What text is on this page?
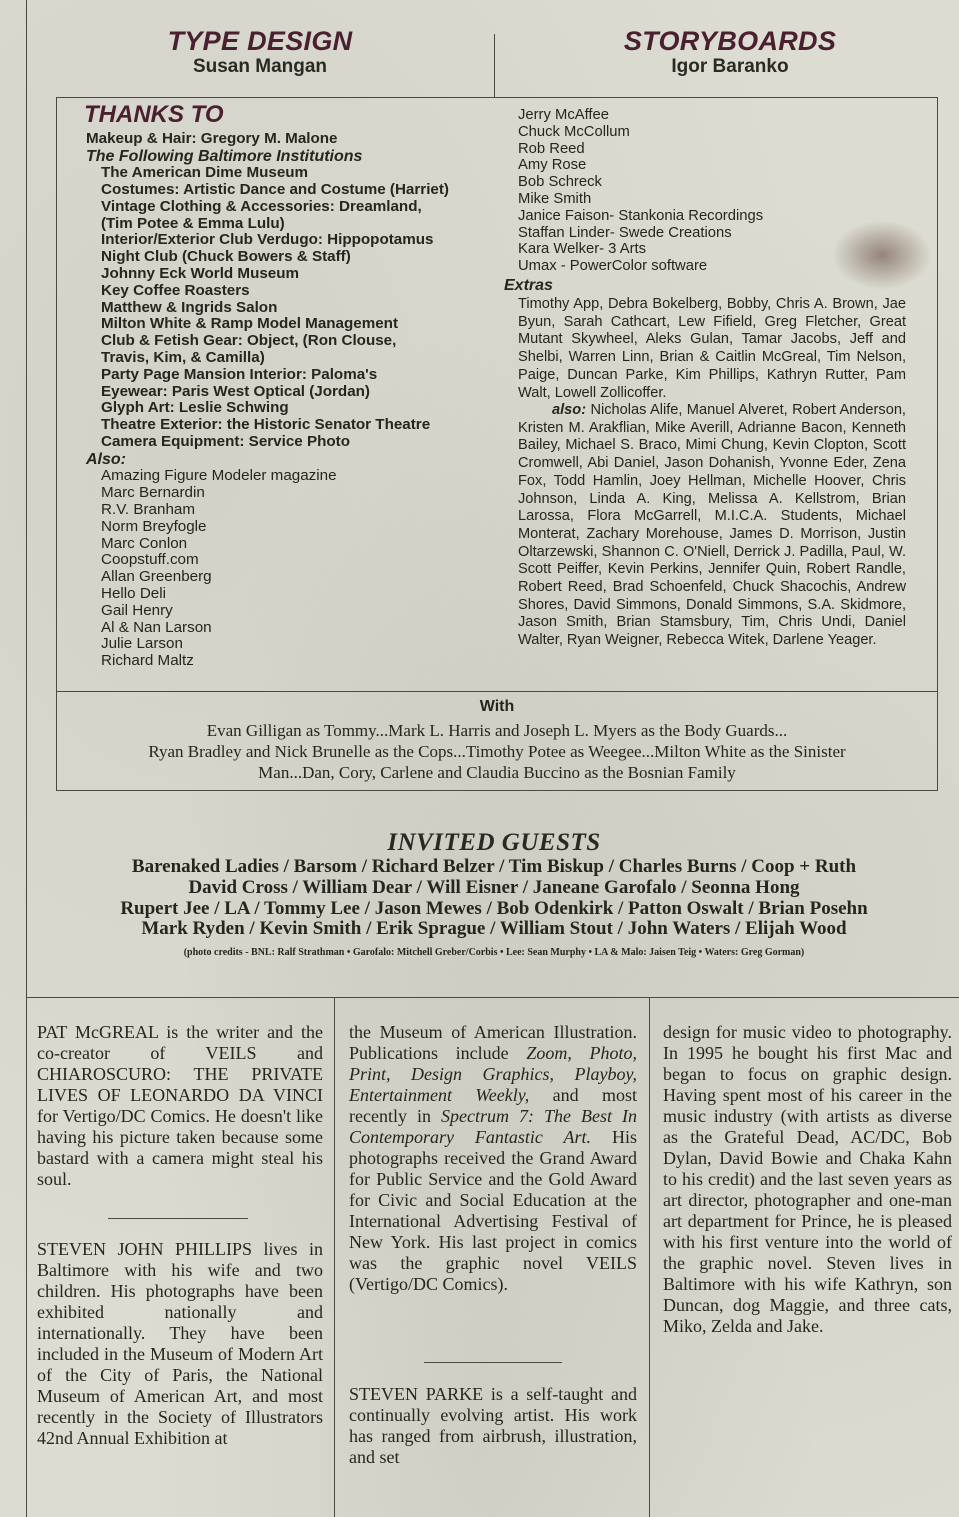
TYPE DESIGN
Susan Mangan
STORYBOARDS
Igor Baranko
THANKS TO
Makeup & Hair: Gregory M. Malone
The Following Baltimore Institutions
The American Dime Museum
Costumes: Artistic Dance and Costume (Harriet)
Vintage Clothing & Accessories: Dreamland,
(Tim Potee & Emma Lulu)
Interior/Exterior Club Verdugo: Hippopotamus
Night Club (Chuck Bowers & Staff)
Johnny Eck World Museum
Key Coffee Roasters
Matthew & Ingrids Salon
Milton White & Ramp Model Management
Club & Fetish Gear: Object, (Ron Clouse,
Travis, Kim, & Camilla)
Party Page Mansion Interior: Paloma's
Eyewear: Paris West Optical (Jordan)
Glyph Art: Leslie Schwing
Theatre Exterior: the Historic Senator Theatre
Camera Equipment: Service Photo
Also:
Amazing Figure Modeler magazine
Marc Bernardin
R.V. Branham
Norm Breyfogle
Marc Conlon
Coopstuff.com
Allan Greenberg
Hello Deli
Gail Henry
Al & Nan Larson
Julie Larson
Richard Maltz
Jerry McAffee
Chuck McCollum
Rob Reed
Amy Rose
Bob Schreck
Mike Smith
Janice Faison- Stankonia Recordings
Staffan Linder- Swede Creations
Kara Welker- 3 Arts
Umax - PowerColor software
Extras
Timothy App, Debra Bokelberg, Bobby, Chris A. Brown, Jae Byun, Sarah Cathcart, Lew Fifield, Greg Fletcher, Great Mutant Skywheel, Aleks Gulan, Tamar Jacobs, Jeff and Shelbi, Warren Linn, Brian & Caitlin McGreal, Tim Nelson, Paige, Duncan Parke, Kim Phillips, Kathryn Rutter, Pam Walt, Lowell Zollicoffer.
also: Nicholas Alife, Manuel Alveret, Robert Anderson, Kristen M. Arakflian, Mike Averill, Adrianne Bacon, Kenneth Bailey, Michael S. Braco, Mimi Chung, Kevin Clopton, Scott Cromwell, Abi Daniel, Jason Dohanish, Yvonne Eder, Zena Fox, Todd Hamlin, Joey Hellman, Michelle Hoover, Chris Johnson, Linda A. King, Melissa A. Kellstrom, Brian Larossa, Flora McGarrell, M.I.C.A. Students, Michael Monterat, Zachary Morehouse, James D. Morrison, Justin Oltarzewski, Shannon C. O'Niell, Derrick J. Padilla, Paul, W. Scott Peiffer, Kevin Perkins, Jennifer Quin, Robert Randle, Robert Reed, Brad Schoenfeld, Chuck Shacochis, Andrew Shores, David Simmons, Donald Simmons, S.A. Skidmore, Jason Smith, Brian Stamsbury, Tim, Chris Undi, Daniel Walter, Ryan Weigner, Rebecca Witek, Darlene Yeager.
With
Evan Gilligan as Tommy...Mark L. Harris and Joseph L. Myers as the Body Guards...
Ryan Bradley and Nick Brunelle as the Cops...Timothy Potee as Weegee...Milton White as the Sinister
Man...Dan, Cory, Carlene and Claudia Buccino as the Bosnian Family
INVITED GUESTS
Barenaked Ladies / Barsom / Richard Belzer / Tim Biskup / Charles Burns / Coop + Ruth
David Cross / William Dear / Will Eisner / Janeane Garofalo / Seonna Hong
Rupert Jee / LA / Tommy Lee / Jason Mewes / Bob Odenkirk / Patton Oswalt / Brian Posehn
Mark Ryden / Kevin Smith / Erik Sprague / William Stout / John Waters / Elijah Wood
(photo credits - BNL: Ralf Strathman • Garofalo: Mitchell Greber/Corbis • Lee: Sean Murphy • LA & Malo: Jaisen Teig • Waters: Greg Gorman)
PAT McGREAL is the writer and the co-creator of VEILS and CHIAROSCURO: THE PRIVATE LIVES OF LEONARDO DA VINCI for Vertigo/DC Comics. He doesn't like having his picture taken because some bastard with a camera might steal his soul.
STEVEN JOHN PHILLIPS lives in Baltimore with his wife and two children. His photographs have been exhibited nationally and internationally. They have been included in the Museum of Modern Art of the City of Paris, the National Museum of American Art, and most recently in the Society of Illustrators 42nd Annual Exhibition at
the Museum of American Illustration. Publications include Zoom, Photo, Print, Design Graphics, Playboy, Entertainment Weekly, and most recently in Spectrum 7: The Best In Contemporary Fantastic Art. His photographs received the Grand Award for Public Service and the Gold Award for Civic and Social Education at the International Advertising Festival of New York. His last project in comics was the graphic novel VEILS (Vertigo/DC Comics).
STEVEN PARKE is a self-taught and continually evolving artist. His work has ranged from airbrush, illustration, and set
design for music video to photography. In 1995 he bought his first Mac and began to focus on graphic design. Having spent most of his career in the music industry (with artists as diverse as the Grateful Dead, AC/DC, Bob Dylan, David Bowie and Chaka Kahn to his credit) and the last seven years as art director, photographer and one-man art department for Prince, he is pleased with his first venture into the world of the graphic novel. Steven lives in Baltimore with his wife Kathryn, son Duncan, dog Maggie, and three cats, Miko, Zelda and Jake.
